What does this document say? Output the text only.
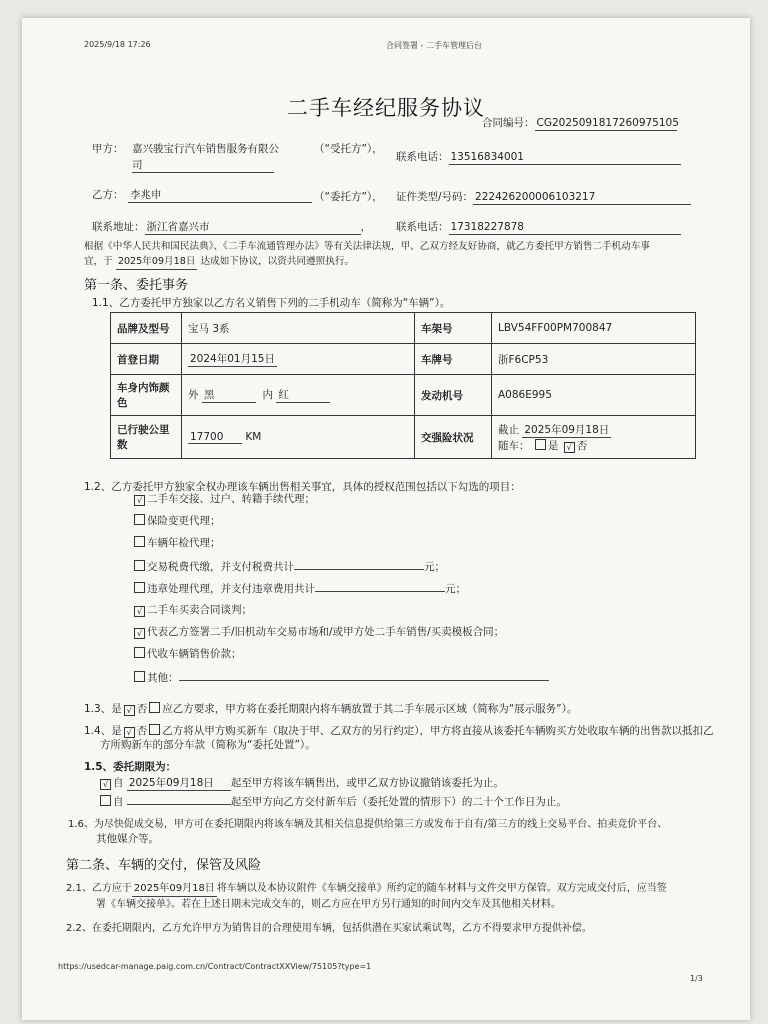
2025/9/18 17:26	合同签署 - 二手车管理后台
二手车经纪服务协议
合同编号： CG2025091817260975105
甲方： 嘉兴骏宝行汽车销售服务有限公	（“受托方”），
司
联系电话： 13516834001
乙方： 李兆申	（“委托方”）， 证件类型/号码： 222426200006103217
联系地址： 浙江省嘉兴市	， 联系电话： 17318227878
根据《中华人民共和国民法典》、《二手车流通管理办法》等有关法律法规，甲、乙双方经友好协商，就乙方委托甲方销售二手机动车事
宜，于 2025年09月18日 达成如下协议，以资共同遵照执行。
第一条、委托事务
1.1、乙方委托甲方独家以乙方名义销售下列的二手机动车（简称为“车辆”）。
品牌及型号	宝马 3系	车架号	LBV54FF00PM700847
首登日期	2024年01月15日	车牌号	浙F6CP53
车身内饰颜色	外 黑 内 红	发动机号	A086E995
已行驶公里数	17700 KM	交强险状况	截止 2025年09月18日
随车： 是 √ 否
1.2、乙方委托甲方独家全权办理该车辆出售相关事宜，具体的授权范围包括以下勾选的项目：
√ 二手车交接、过户、转籍手续代理；
保险变更代理；
车辆年检代理；
交易税费代缴，并支付税费共计	元；
违章处理代理，并支付违章费用共计	元；
√ 二手车买卖合同谈判；
√ 代表乙方签署二手/旧机动车交易市场和/或甲方处二手车销售/买卖模板合同；
代收车辆销售价款；
其他：
1.3、是 √ 否 应乙方要求，甲方将在委托期限内将车辆放置于其二手车展示区域（简称为“展示服务”）。
1.4、是 √ 否 乙方将从甲方购买新车（取决于甲、乙双方的另行约定），甲方将直接从该委托车辆购买方处收取车辆的出售款以抵扣乙
方所购新车的部分车款（简称为“委托处置”）。
1.5、委托期限为：
√ 自 2025年09月18日 起至甲方将该车辆售出，或甲乙双方协议撤销该委托为止。
自	起至甲方向乙方交付新车后（委托处置的情形下）的二十个工作日为止。
1.6、为尽快促成交易，甲方可在委托期限内将该车辆及其相关信息提供给第三方或发布于自有/第三方的线上交易平台、拍卖竞价平台、
其他媒介等。
第二条、车辆的交付，保管及风险
2.1、乙方应于 2025年09月18日 将车辆以及本协议附件《车辆交接单》所约定的随车材料与文件交甲方保管。双方完成交付后，应当签
署《车辆交接单》。若在上述日期未完成交车的，则乙方应在甲方另行通知的时间内交车及其他相关材料。
2.2、在委托期限内，乙方允许甲方为销售目的合理使用车辆，包括供潜在买家试乘试驾，乙方不得要求甲方提供补偿。
https://usedcar-manage.paig.com.cn/Contract/ContractXXView/75105?type=1
1/3
